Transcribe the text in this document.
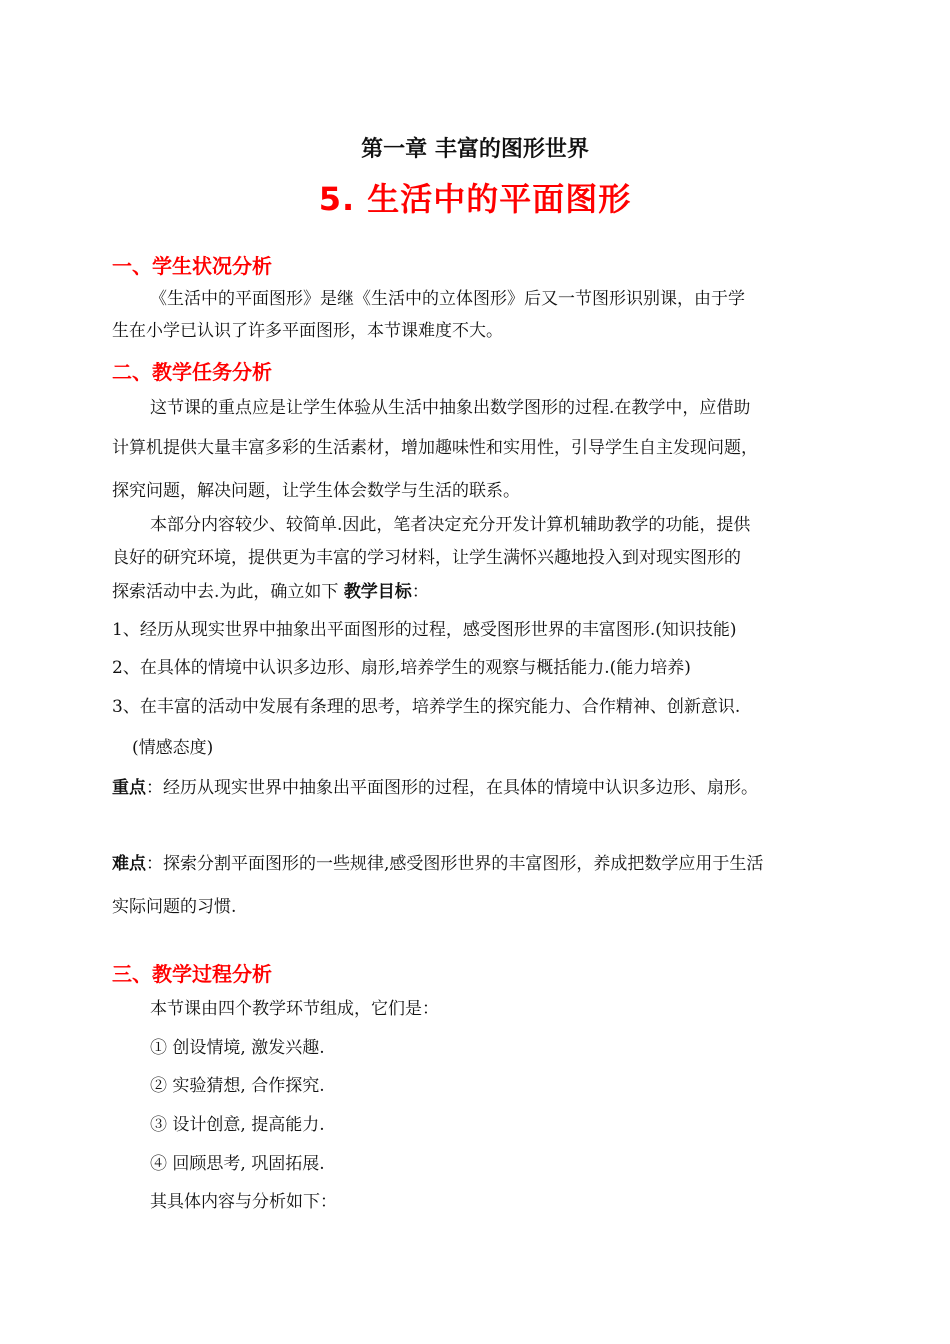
第一章 丰富的图形世界
5. 生活中的平面图形
一、学生状况分析
《生活中的平面图形》是继《生活中的立体图形》后又一节图形识别课，由于学
生在小学已认识了许多平面图形，本节课难度不大。
二、教学任务分析
这节课的重点应是让学生体验从生活中抽象出数学图形的过程.在教学中，应借助
计算机提供大量丰富多彩的生活素材，增加趣味性和实用性，引导学生自主发现问题，
探究问题，解决问题，让学生体会数学与生活的联系。
本部分内容较少、较简单.因此，笔者决定充分开发计算机辅助教学的功能，提供
良好的研究环境，提供更为丰富的学习材料，让学生满怀兴趣地投入到对现实图形的
探索活动中去.为此，确立如下 教学目标：
1、经历从现实世界中抽象出平面图形的过程，感受图形世界的丰富图形.(知识技能)
2、在具体的情境中认识多边形、扇形,培养学生的观察与概括能力.(能力培养)
3、在丰富的活动中发展有条理的思考，培养学生的探究能力、合作精神、创新意识.
(情感态度)
重点：经历从现实世界中抽象出平面图形的过程，在具体的情境中认识多边形、扇形。
难点：探索分割平面图形的一些规律,感受图形世界的丰富图形，养成把数学应用于生活
实际问题的习惯.
三、教学过程分析
本节课由四个教学环节组成，它们是：
① 创设情境, 激发兴趣.
② 实验猜想, 合作探究.
③ 设计创意, 提高能力.
④ 回顾思考, 巩固拓展.
其具体内容与分析如下：
